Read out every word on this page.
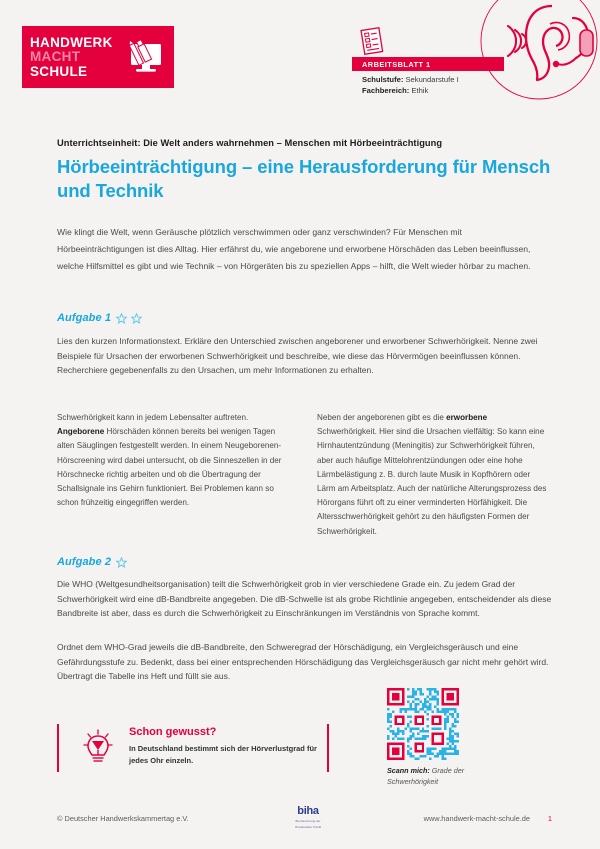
HANDWERK
MACHT
SCHULE	ARBEITSBLATT 1
Schulstufe: Sekundarstufe I
Fachbereich: Ethik
Unterrichtseinheit: Die Welt anders wahrnehmen – Menschen mit Hörbeeinträchtigung
Hörbeeinträchtigung – eine Herausforderung für Mensch und Technik
Wie klingt die Welt, wenn Geräusche plötzlich verschwimmen oder ganz verschwinden? Für Menschen mit Hörbeeinträchtigungen ist dies Alltag. Hier erfährst du, wie angeborene und erworbene Hörschäden das Leben beeinflussen, welche Hilfsmittel es gibt und wie Technik – von Hörgeräten bis zu speziellen Apps – hilft, die Welt wieder hörbar zu machen.
Aufgabe 1
Lies den kurzen Informationstext. Erkläre den Unterschied zwischen angeborener und erworbener Schwerhörigkeit. Nenne zwei Beispiele für Ursachen der erworbenen Schwerhörigkeit und beschreibe, wie diese das Hörvermögen beeinflussen können. Recherchiere gegebenenfalls zu den Ursachen, um mehr Informationen zu erhalten.
Schwerhörigkeit kann in jedem Lebensalter auftreten. Angeborene Hörschäden können bereits bei wenigen Tagen alten Säuglingen festgestellt werden. In einem Neugeborenen-Hörscreening wird dabei untersucht, ob die Sinneszellen in der Hörschnecke richtig arbeiten und ob die Übertragung der Schallsignale ins Gehirn funktioniert. Bei Problemen kann so schon frühzeitig eingegriffen werden.
Neben der angeborenen gibt es die erworbene Schwerhörigkeit. Hier sind die Ursachen vielfältig: So kann eine Hirnhautentzündung (Meningitis) zur Schwerhörigkeit führen, aber auch häufige Mittelohrentzündungen oder eine hohe Lärmbelästigung z. B. durch laute Musik in Kopfhörern oder Lärm am Arbeitsplatz. Auch der natürliche Alterungsprozess des Hörorgans führt oft zu einer verminderten Hörfähigkeit. Die Altersschwerhörigkeit gehört zu den häufigsten Formen der Schwerhörigkeit.
Aufgabe 2
Die WHO (Weltgesundheitsorganisation) teilt die Schwerhörigkeit grob in vier verschiedene Grade ein. Zu jedem Grad der Schwerhörigkeit wird eine dB-Bandbreite angegeben. Die dB-Schwelle ist als grobe Richtlinie angegeben, entscheidender als diese Bandbreite ist aber, dass es durch die Schwerhörigkeit zu Einschränkungen im Verständnis von Sprache kommt.
Ordnet dem WHO-Grad jeweils die dB-Bandbreite, den Schweregrad der Hörschädigung, ein Vergleichsgeräusch und eine Gefährdungsstufe zu. Bedenkt, dass bei einer entsprechenden Hörschädigung das Vergleichsgeräusch gar nicht mehr gehört wird. Übertragt die Tabelle ins Heft und füllt sie aus.
Schon gewusst?
In Deutschland bestimmt sich der Hörverlustgrad für jedes Ohr einzeln.
Scann mich: Grade der Schwerhörigkeit
© Deutscher Handwerkskammertag e.V.
biha
Bundesinnung der
Hörakustiker KdöR
www.handwerk-macht-schule.de 1
